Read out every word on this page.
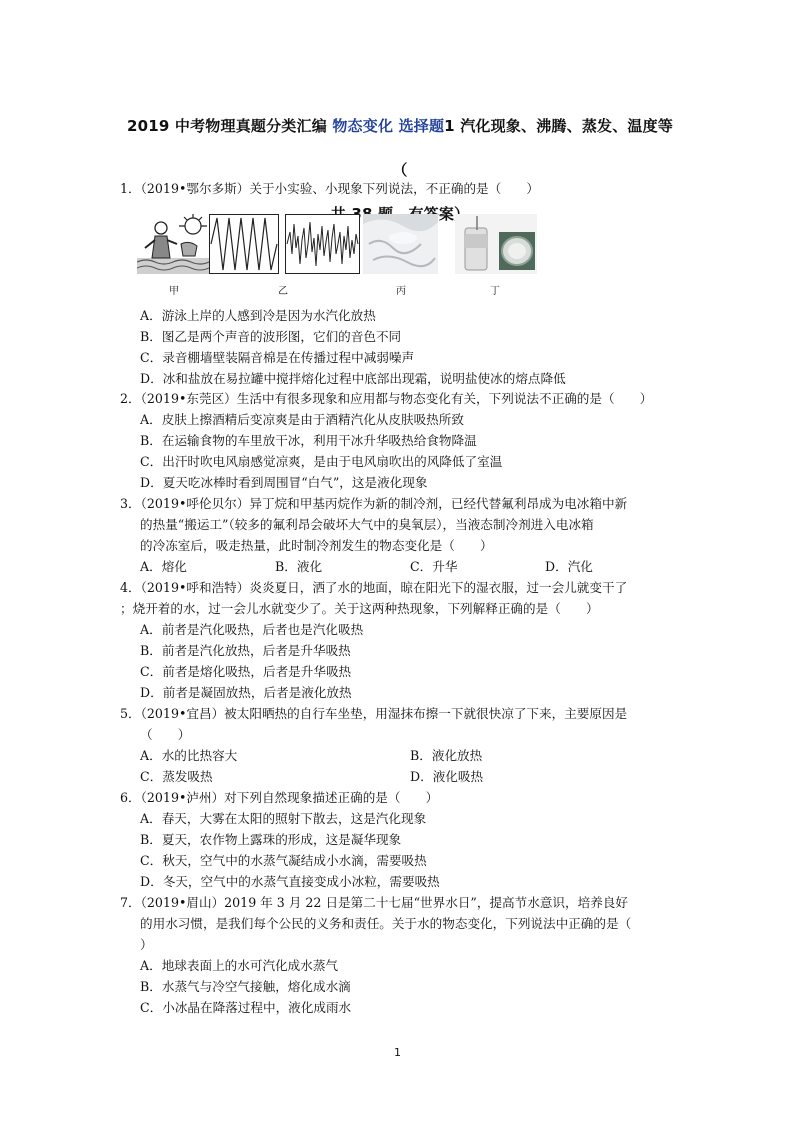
2019 中考物理真题分类汇编 物态变化 选择题1 汽化现象、沸腾、蒸发、温度等（
38
1．（2019•鄂尔多斯）关于小实验、小现象下列说法，不正确的是（　　）
甲	乙	丙	丁
A．游泳上岸的人感到冷是因为水汽化放热
B．图乙是两个声音的波形图，它们的音色不同
C．录音棚墙壁装隔音棉是在传播过程中减弱噪声
D．冰和盐放在易拉罐中搅拌熔化过程中底部出现霜，说明盐使冰的熔点降低
2．（2019•东莞区）生活中有很多现象和应用都与物态变化有关，下列说法不正确的是（　　）
A．皮肤上擦酒精后变凉爽是由于酒精汽化从皮肤吸热所致
B．在运输食物的车里放干冰，利用干冰升华吸热给食物降温
C．出汗时吹电风扇感觉凉爽，是由于电风扇吹出的风降低了室温
D．夏天吃冰棒时看到周围冒“白气”，这是液化现象
3．（2019•呼伦贝尔）异丁烷和甲基丙烷作为新的制冷剂，已经代替氟利昂成为电冰箱中新
的热量“搬运工”（较多的氟利昂会破坏大气中的臭氧层），当液态制冷剂进入电冰箱
的冷冻室后，吸走热量，此时制冷剂发生的物态变化是（　　）
A．熔化	B．液化	C．升华	D．汽化
4．（2019•呼和浩特）炎炎夏日，洒了水的地面，晾在阳光下的湿衣服，过一会儿就变干了
；烧开着的水，过一会儿水就变少了。关于这两种热现象，下列解释正确的是（　　）
A．前者是汽化吸热，后者也是汽化吸热
B．前者是汽化放热，后者是升华吸热
C．前者是熔化吸热，后者是升华吸热
D．前者是凝固放热，后者是液化放热
5．（2019•宜昌）被太阳晒热的自行车坐垫，用湿抹布擦一下就很快凉了下来，主要原因是
（　　）
A．水的比热容大	B．液化放热
C．蒸发吸热	D．液化吸热
6．（2019•泸州）对下列自然现象描述正确的是（　　）
A．春天，大雾在太阳的照射下散去，这是汽化现象
B．夏天，农作物上露珠的形成，这是凝华现象
C．秋天，空气中的水蒸气凝结成小水滴，需要吸热
D．冬天，空气中的水蒸气直接变成小冰粒，需要吸热
7．（2019•眉山）2019 年 3 月 22 日是第二十七届“世界水日”，提高节水意识，培养良好
的用水习惯，是我们每个公民的义务和责任。关于水的物态变化，下列说法中正确的是（
）
A．地球表面上的水可汽化成水蒸气
B．水蒸气与冷空气接触，熔化成水滴
C．小冰晶在降落过程中，液化成雨水
1
